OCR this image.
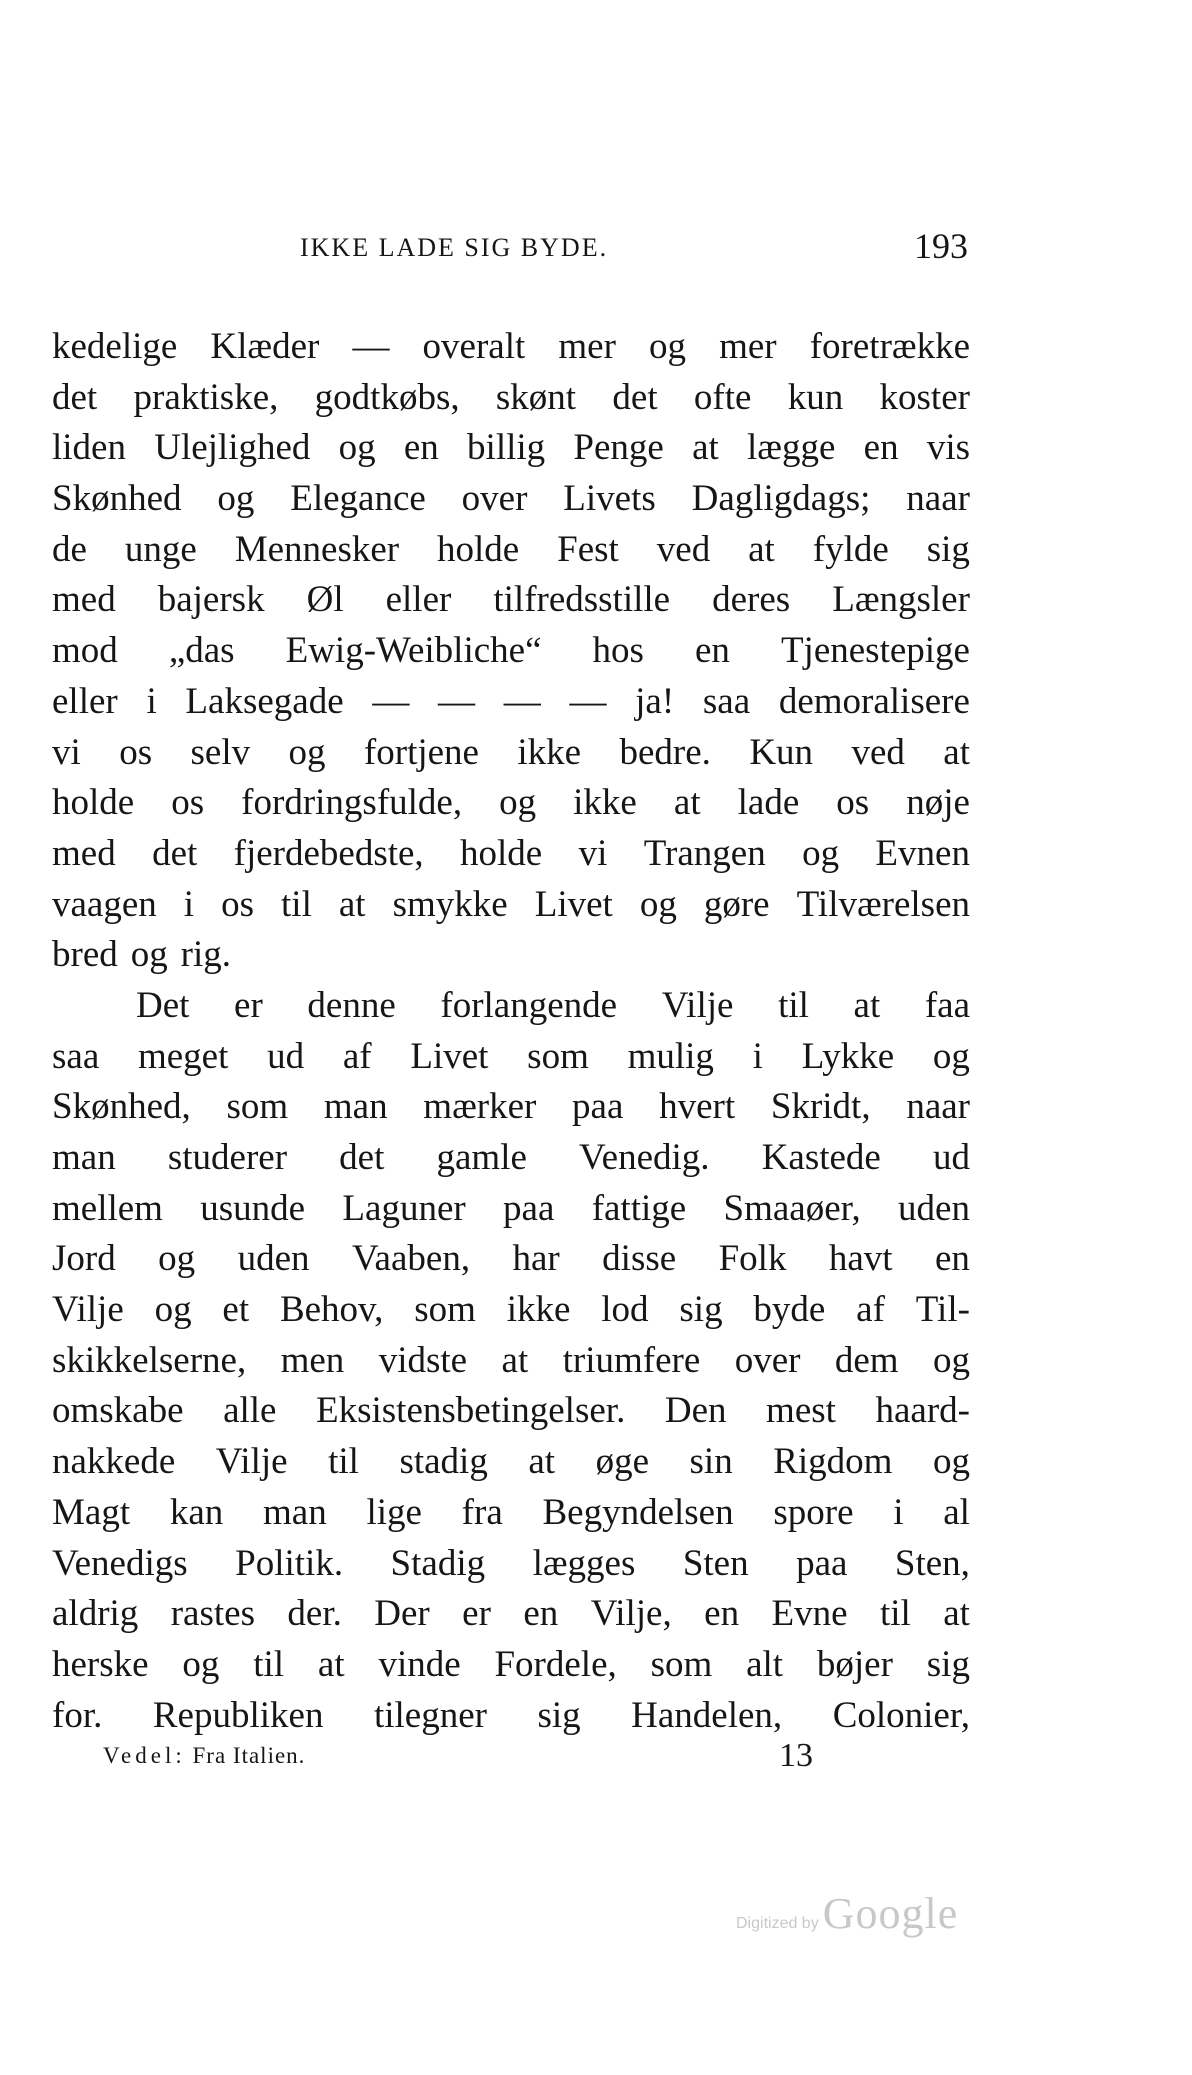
IKKE LADE SIG BYDE.	193
kedelige Klæder — overalt mer og mer foretrække
det praktiske, godtkøbs, skønt det ofte kun koster
liden Ulejlighed og en billig Penge at lægge en vis
Skønhed og Elegance over Livets Dagligdags; naar
de unge Mennesker holde Fest ved at fylde sig
med bajersk Øl eller tilfredsstille deres Længsler
mod „das Ewig-Weibliche“ hos en Tjenestepige
eller i Laksegade — — — — ja! saa demoralisere
vi os selv og fortjene ikke bedre. Kun ved at
holde os fordringsfulde, og ikke at lade os nøje
med det fjerdebedste, holde vi Trangen og Evnen
vaagen i os til at smykke Livet og gøre Tilværelsen
bred og rig.
Det er denne forlangende Vilje til at faa
saa meget ud af Livet som mulig i Lykke og
Skønhed, som man mærker paa hvert Skridt, naar
man studerer det gamle Venedig. Kastede ud
mellem usunde Laguner paa fattige Smaaøer, uden
Jord og uden Vaaben, har disse Folk havt en
Vilje og et Behov, som ikke lod sig byde af Til-
skikkelserne, men vidste at triumfere over dem og
omskabe alle Eksistensbetingelser. Den mest haard-
nakkede Vilje til stadig at øge sin Rigdom og
Magt kan man lige fra Begyndelsen spore i al
Venedigs Politik. Stadig lægges Sten paa Sten,
aldrig rastes der. Der er en Vilje, en Evne til at
herske og til at vinde Fordele, som alt bøjer sig
for. Republiken tilegner sig Handelen, Colonier,
Vedel: Fra Italien.	13
Digitized by Google
